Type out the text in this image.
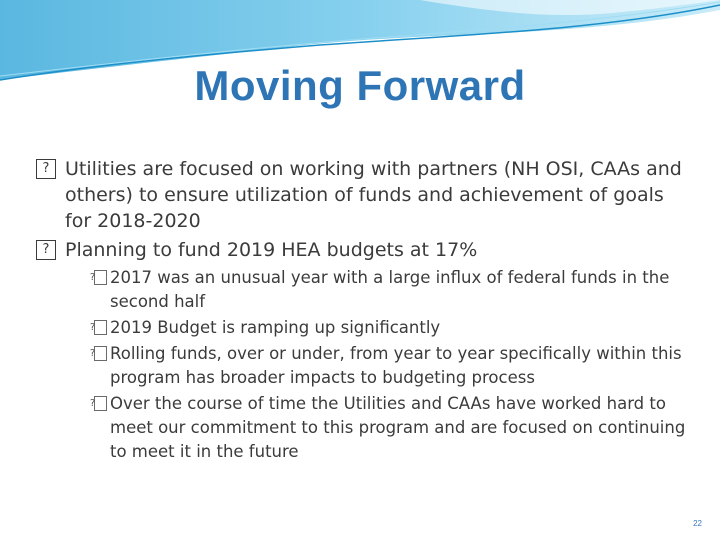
Moving Forward
?
Utilities are focused on working with partners (NH OSI, CAAs and others) to ensure utilization of funds and achievement of goals for 2018-2020
?
Planning to fund 2019 HEA budgets at 17%
?2017 was an unusual year with a large influx of federal funds in the second half
?2019 Budget is ramping up significantly
?Rolling funds, over or under, from year to year specifically within this program has broader impacts to budgeting process
?Over the course of time the Utilities and CAAs have worked hard to meet our commitment to this program and are focused on continuing to meet it in the future
22
